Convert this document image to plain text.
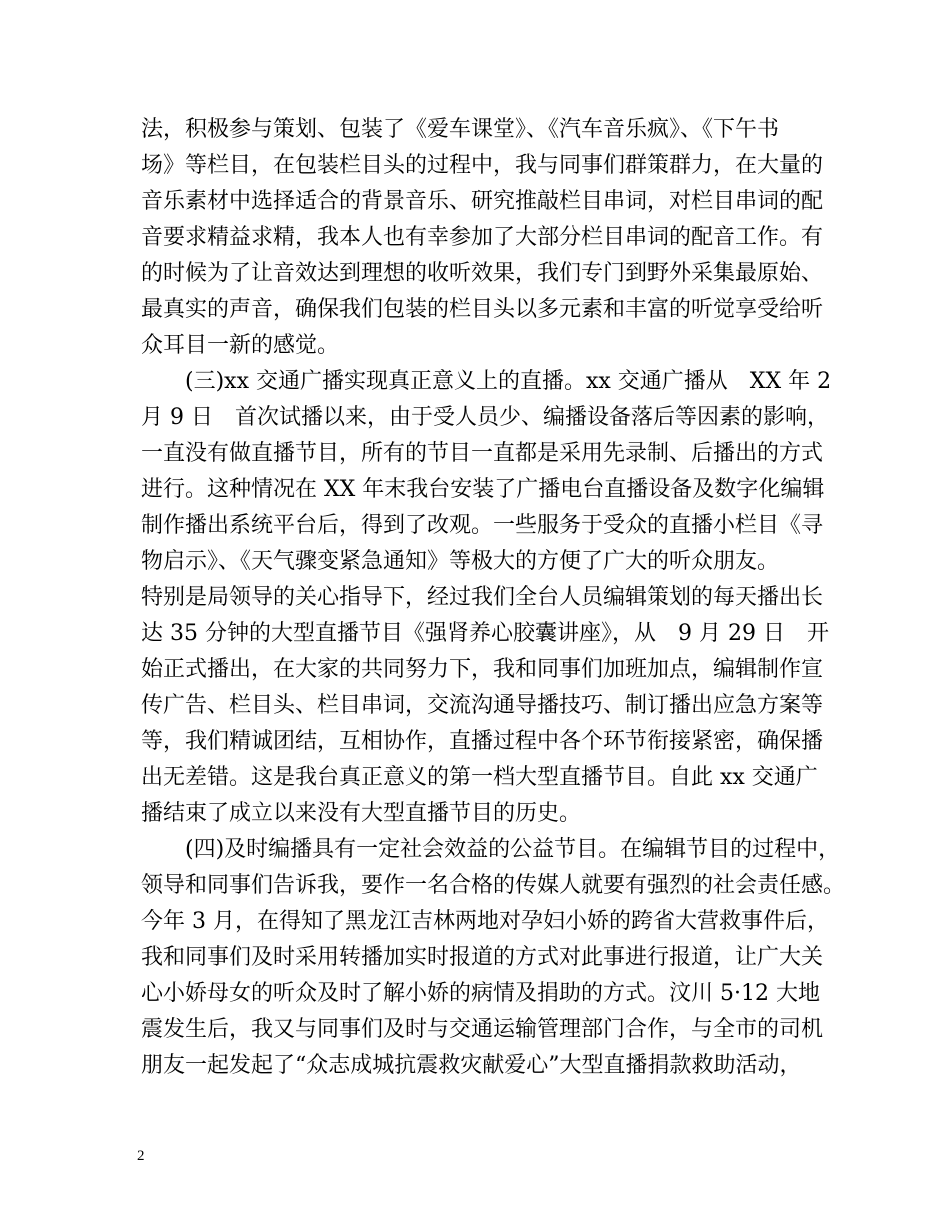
法，积极参与策划、包装了《爱车课堂》、《汽车音乐疯》、《下午书
场》等栏目，在包装栏目头的过程中，我与同事们群策群力，在大量的
音乐素材中选择适合的背景音乐、研究推敲栏目串词，对栏目串词的配
音要求精益求精，我本人也有幸参加了大部分栏目串词的配音工作。有
的时候为了让音效达到理想的收听效果，我们专门到野外采集最原始、
最真实的声音，确保我们包装的栏目头以多元素和丰富的听觉享受给听
众耳目一新的感觉。
　　(三)xx 交通广播实现真正意义上的直播。xx 交通广播从　XX 年 2
月 9 日　首次试播以来，由于受人员少、编播设备落后等因素的影响，
一直没有做直播节目，所有的节目一直都是采用先录制、后播出的方式
进行。这种情况在 XX 年末我台安装了广播电台直播设备及数字化编辑
制作播出系统平台后，得到了改观。一些服务于受众的直播小栏目《寻
物启示》、《天气骤变紧急通知》等极大的方便了广大的听众朋友。
特别是局领导的关心指导下，经过我们全台人员编辑策划的每天播出长
达 35 分钟的大型直播节目《强肾养心胶囊讲座》，从　9 月 29 日　开
始正式播出，在大家的共同努力下，我和同事们加班加点，编辑制作宣
传广告、栏目头、栏目串词，交流沟通导播技巧、制订播出应急方案等
等，我们精诚团结，互相协作，直播过程中各个环节衔接紧密，确保播
出无差错。这是我台真正意义的第一档大型直播节目。自此 xx 交通广
播结束了成立以来没有大型直播节目的历史。
　　(四)及时编播具有一定社会效益的公益节目。在编辑节目的过程中，
领导和同事们告诉我，要作一名合格的传媒人就要有强烈的社会责任感。
今年 3 月，在得知了黑龙江吉林两地对孕妇小娇的跨省大营救事件后，
我和同事们及时采用转播加实时报道的方式对此事进行报道，让广大关
心小娇母女的听众及时了解小娇的病情及捐助的方式。汶川 5·12 大地
震发生后，我又与同事们及时与交通运输管理部门合作，与全市的司机
朋友一起发起了“众志成城抗震救灾献爱心”大型直播捐款救助活动，
2
